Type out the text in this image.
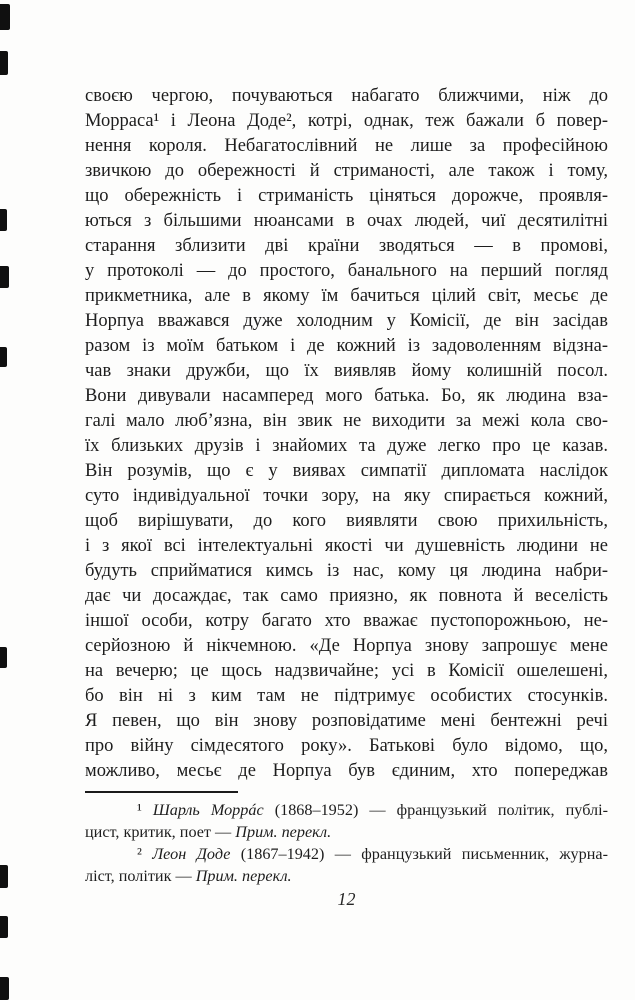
своєю чергою, почуваються набагато ближчими, ніж до
Морраса¹ і Леона Доде², котрі, однак, теж бажали б повер-
нення короля. Небагатослівний не лише за професійною
звичкою до обережності й стриманості, але також і тому,
що обережність і стриманість ціняться дорожче, проявля-
ються з більшими нюансами в очах людей, чиї десятилітні
старання зблизити дві країни зводяться — в промові,
у протоколі — до простого, банального на перший погляд
прикметника, але в якому їм бачиться цілий світ, месьє де
Норпуа вважався дуже холодним у Комісії, де він засідав
разом із моїм батьком і де кожний із задоволенням відзна-
чав знаки дружби, що їх виявляв йому колишній посол.
Вони дивували насамперед мого батька. Бо, як людина вза-
галі мало люб’язна, він звик не виходити за межі кола сво-
їх близьких друзів і знайомих та дуже легко про це казав.
Він розумів, що є у виявах симпатії дипломата наслідок
суто індивідуальної точки зору, на яку спирається кожний,
щоб вирішувати, до кого виявляти свою прихильність,
і з якої всі інтелектуальні якості чи душевність людини не
будуть сприйматися кимсь із нас, кому ця людина набри-
дає чи досаждає, так само приязно, як повнота й веселість
іншої особи, котру багато хто вважає пустопорожньою, не-
серйозною й нікчемною. «Де Норпуа знову запрошує мене
на вечерю; це щось надзвичайне; усі в Комісії ошелешені,
бо він ні з ким там не підтримує особистих стосунків.
Я певен, що він знову розповідатиме мені бентежні речі
про війну сімдесятого року». Батькові було відомо, що,
можливо, месьє де Норпуа був єдиним, хто попереджав
¹ Шарль Моррáс (1868–1952) — французький політик, публі-
цист, критик, поет — Прим. перекл.
² Леон Доде (1867–1942) — французький письменник, журна-
ліст, політик — Прим. перекл.
12
